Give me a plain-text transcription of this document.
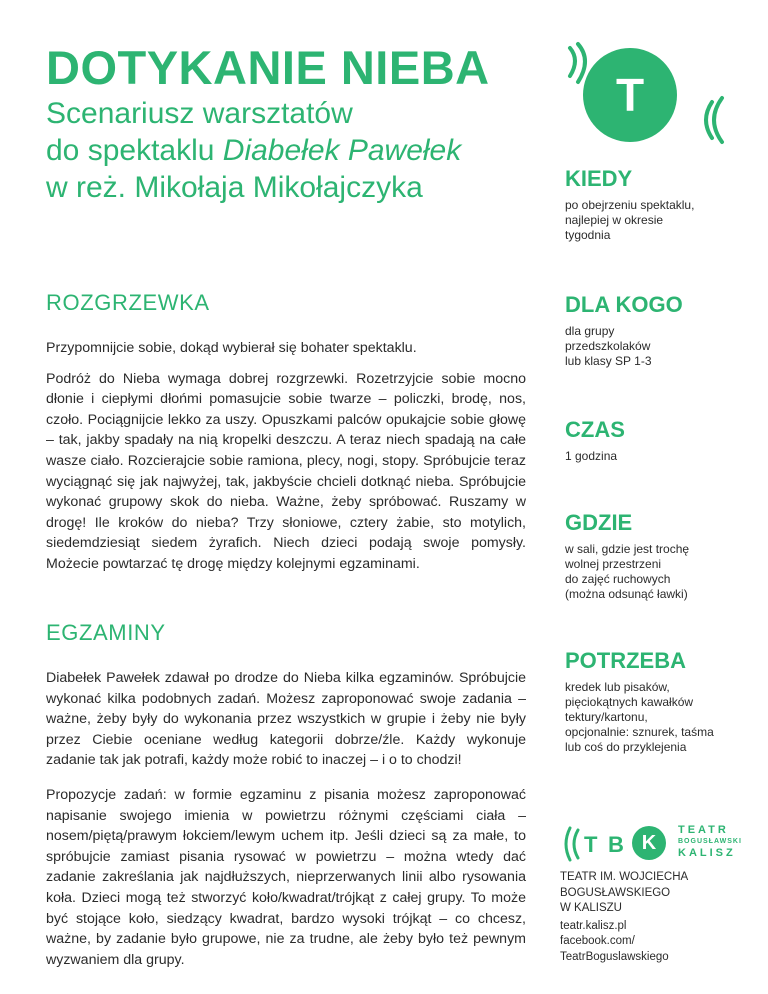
DOTYKANIE NIEBA
Scenariusz warsztatów
do spektaklu Diabełek Pawełek
w reż. Mikołaja Mikołajczyka
T
ROZGRZEWKA

Przypomnijcie sobie, dokąd wybierał się bohater spektaklu.

Podróż do Nieba wymaga dobrej rozgrzewki. Rozetrzyjcie sobie mocno dłonie i ciepłymi dłońmi pomasujcie sobie twarze – policzki, brodę, nos, czoło. Pociągnijcie lekko za uszy. Opuszkami palców opukajcie sobie głowę – tak, jakby spadały na nią kropelki deszczu. A teraz niech spadają na całe wasze ciało. Rozcierajcie sobie ramiona, plecy, nogi, stopy. Spróbujcie teraz wyciągnąć się jak najwyżej, tak, jakbyście chcieli dotknąć nieba. Spróbujcie wykonać grupowy skok do nieba. Ważne, żeby spróbować. Ruszamy w drogę! Ile kroków do nieba? Trzy słoniowe, cztery żabie, sto motylich, siedemdziesiąt siedem żyrafich. Niech dzieci podają swoje pomysły. Możecie powtarzać tę drogę między kolejnymi egzaminami.

EGZAMINY

Diabełek Pawełek zdawał po drodze do Nieba kilka egzaminów. Spróbujcie wykonać kilka podobnych zadań. Możesz zaproponować swoje zadania – ważne, żeby były do wykonania przez wszystkich w grupie i żeby nie były przez Ciebie oceniane według kategorii dobrze/źle. Każdy wykonuje zadanie tak jak potrafi, każdy może robić to inaczej – i o to chodzi!

Propozycje zadań: w formie egzaminu z pisania możesz zaproponować napisanie swojego imienia w powietrzu różnymi częściami ciała – nosem/piętą/prawym łokciem/lewym uchem itp. Jeśli dzieci są za małe, to spróbujcie zamiast pisania rysować w powietrzu – można wtedy dać zadanie zakreślania jak najdłuższych, nieprzerwanych linii albo rysowania koła. Dzieci mogą też stworzyć koło/kwadrat/trójkąt z całej grupy. To może być stojące koło, siedzący kwadrat, bardzo wysoki trójkąt – co chcesz, ważne, by zadanie było grupowe, nie za trudne, ale żeby było też pewnym wyzwaniem dla grupy.

KIEDY

po obejrzeniu spektaklu,
najlepiej w okresie
tygodnia

DLA KOGO

dla grupy
przedszkolaków
lub klasy SP 1-3

CZAS

1 godzina

GDZIE

w sali, gdzie jest trochę
wolnej przestrzeni
do zajęć ruchowych
(można odsunąć ławki)

POTRZEBA

kredek lub pisaków,
pięciokątnych kawałków
tektury/kartonu,
opcjonalnie: sznurek, taśma
lub coś do przyklejenia

T B K
TEATR
BOGUSŁAWSKI
KALISZ

TEATR IM. WOJCIECHA
BOGUSŁAWSKIEGO
W KALISZU

teatr.kalisz.pl
facebook.com/
TeatrBoguslawskiego
